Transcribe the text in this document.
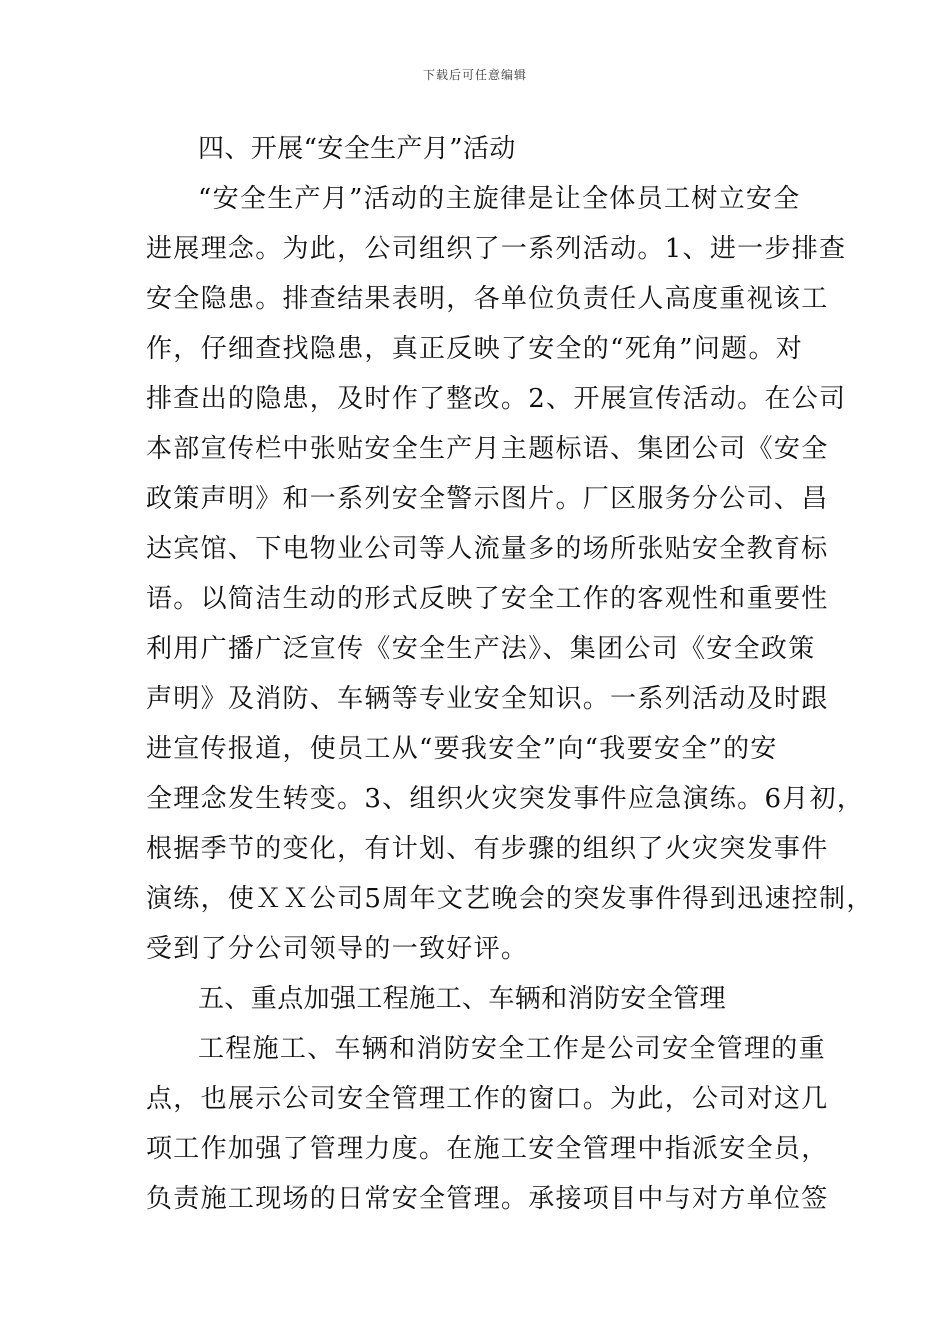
下载后可任意编辑
四、开展“安全生产月”活动
“安全生产月”活动的主旋律是让全体员工树立安全
进展理念。为此，公司组织了一系列活动。1、进一步排查
安全隐患。排查结果表明，各单位负责任人高度重视该工
作，仔细查找隐患，真正反映了安全的“死角”问题。对
排查出的隐患，及时作了整改。2、开展宣传活动。在公司
本部宣传栏中张贴安全生产月主题标语、集团公司《安全
政策声明》和一系列安全警示图片。厂区服务分公司、昌
达宾馆、下电物业公司等人流量多的场所张贴安全教育标
语。以简洁生动的形式反映了安全工作的客观性和重要性
利用广播广泛宣传《安全生产法》、集团公司《安全政策
声明》及消防、车辆等专业安全知识。一系列活动及时跟
进宣传报道，使员工从“要我安全”向“我要安全”的安
全理念发生转变。3、组织火灾突发事件应急演练。6月初，
根据季节的变化，有计划、有步骤的组织了火灾突发事件
演练，使ＸＸ公司5周年文艺晚会的突发事件得到迅速控制，
受到了分公司领导的一致好评。
五、重点加强工程施工、车辆和消防安全管理
工程施工、车辆和消防安全工作是公司安全管理的重
点，也展示公司安全管理工作的窗口。为此，公司对这几
项工作加强了管理力度。在施工安全管理中指派安全员，
负责施工现场的日常安全管理。承接项目中与对方单位签
